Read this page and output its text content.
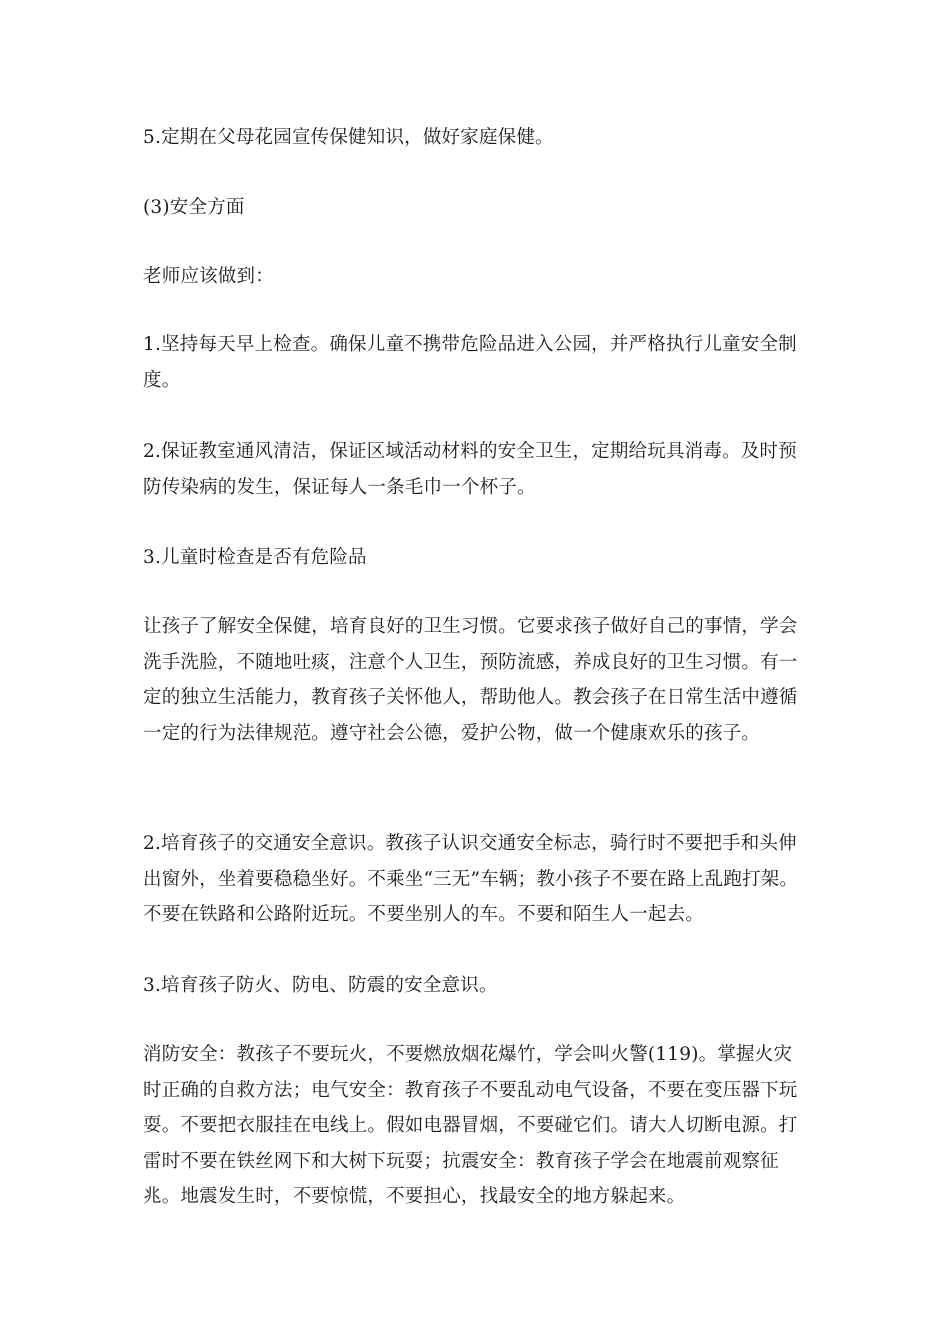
5.定期在父母花园宣传保健知识，做好家庭保健。

(3)安全方面

老师应该做到：

1.坚持每天早上检查。确保儿童不携带危险品进入公园，并严格执行儿童安全制度。

2.保证教室通风清洁，保证区域活动材料的安全卫生，定期给玩具消毒。及时预防传染病的发生，保证每人一条毛巾一个杯子。

3.儿童时检查是否有危险品

让孩子了解安全保健，培育良好的卫生习惯。它要求孩子做好自己的事情，学会洗手洗脸，不随地吐痰，注意个人卫生，预防流感，养成良好的卫生习惯。有一定的独立生活能力，教育孩子关怀他人，帮助他人。教会孩子在日常生活中遵循一定的行为法律规范。遵守社会公德，爱护公物，做一个健康欢乐的孩子。

2.培育孩子的交通安全意识。教孩子认识交通安全标志，骑行时不要把手和头伸出窗外，坐着要稳稳坐好。不乘坐“三无”车辆；教小孩子不要在路上乱跑打架。不要在铁路和公路附近玩。不要坐别人的车。不要和陌生人一起去。

3.培育孩子防火、防电、防震的安全意识。

消防安全：教孩子不要玩火，不要燃放烟花爆竹，学会叫火警(119)。掌握火灾时正确的自救方法；电气安全：教育孩子不要乱动电气设备，不要在变压器下玩耍。不要把衣服挂在电线上。假如电器冒烟，不要碰它们。请大人切断电源。打雷时不要在铁丝网下和大树下玩耍；抗震安全：教育孩子学会在地震前观察征兆。地震发生时，不要惊慌，不要担心，找最安全的地方躲起来。
